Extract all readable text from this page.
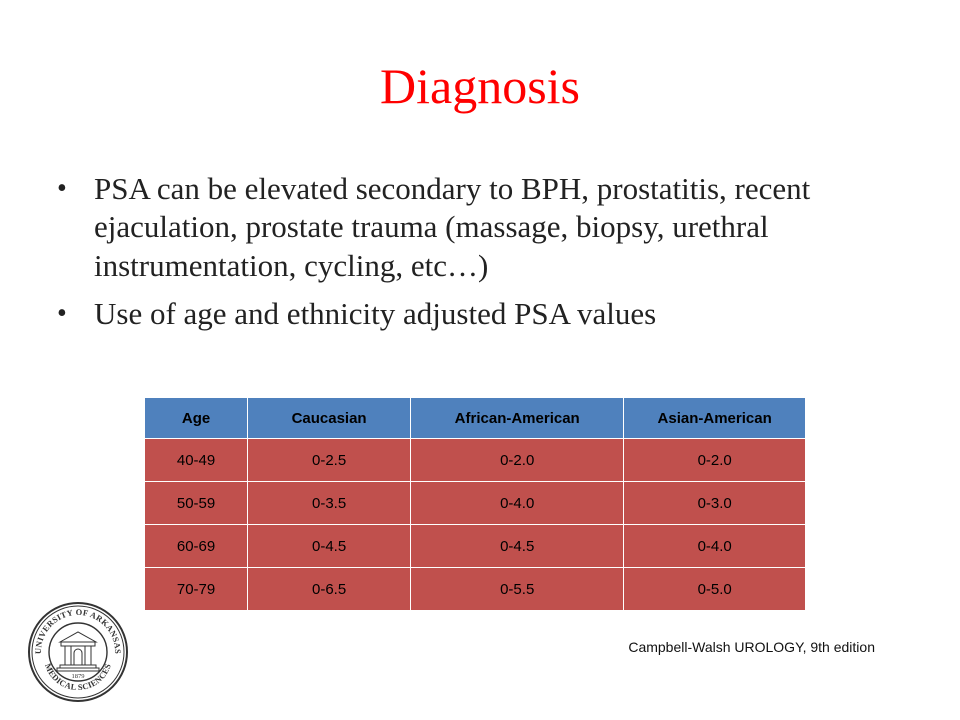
Diagnosis
• PSA can be elevated secondary to BPH, prostatitis, recent ejaculation, prostate trauma (massage, biopsy, urethral instrumentation, cycling, etc…)
• Use of age and ethnicity adjusted PSA values
Age	Caucasian	African-American	Asian-American
40-49	0-2.5	0-2.0	0-2.0
50-59	0-3.5	0-4.0	0-3.0
60-69	0-4.5	0-4.5	0-4.0
70-79	0-6.5	0-5.5	0-5.0
Campbell-Walsh UROLOGY, 9th edition
UNIVERSITY OF ARKANSAS
MEDICAL SCIENCES
1879
